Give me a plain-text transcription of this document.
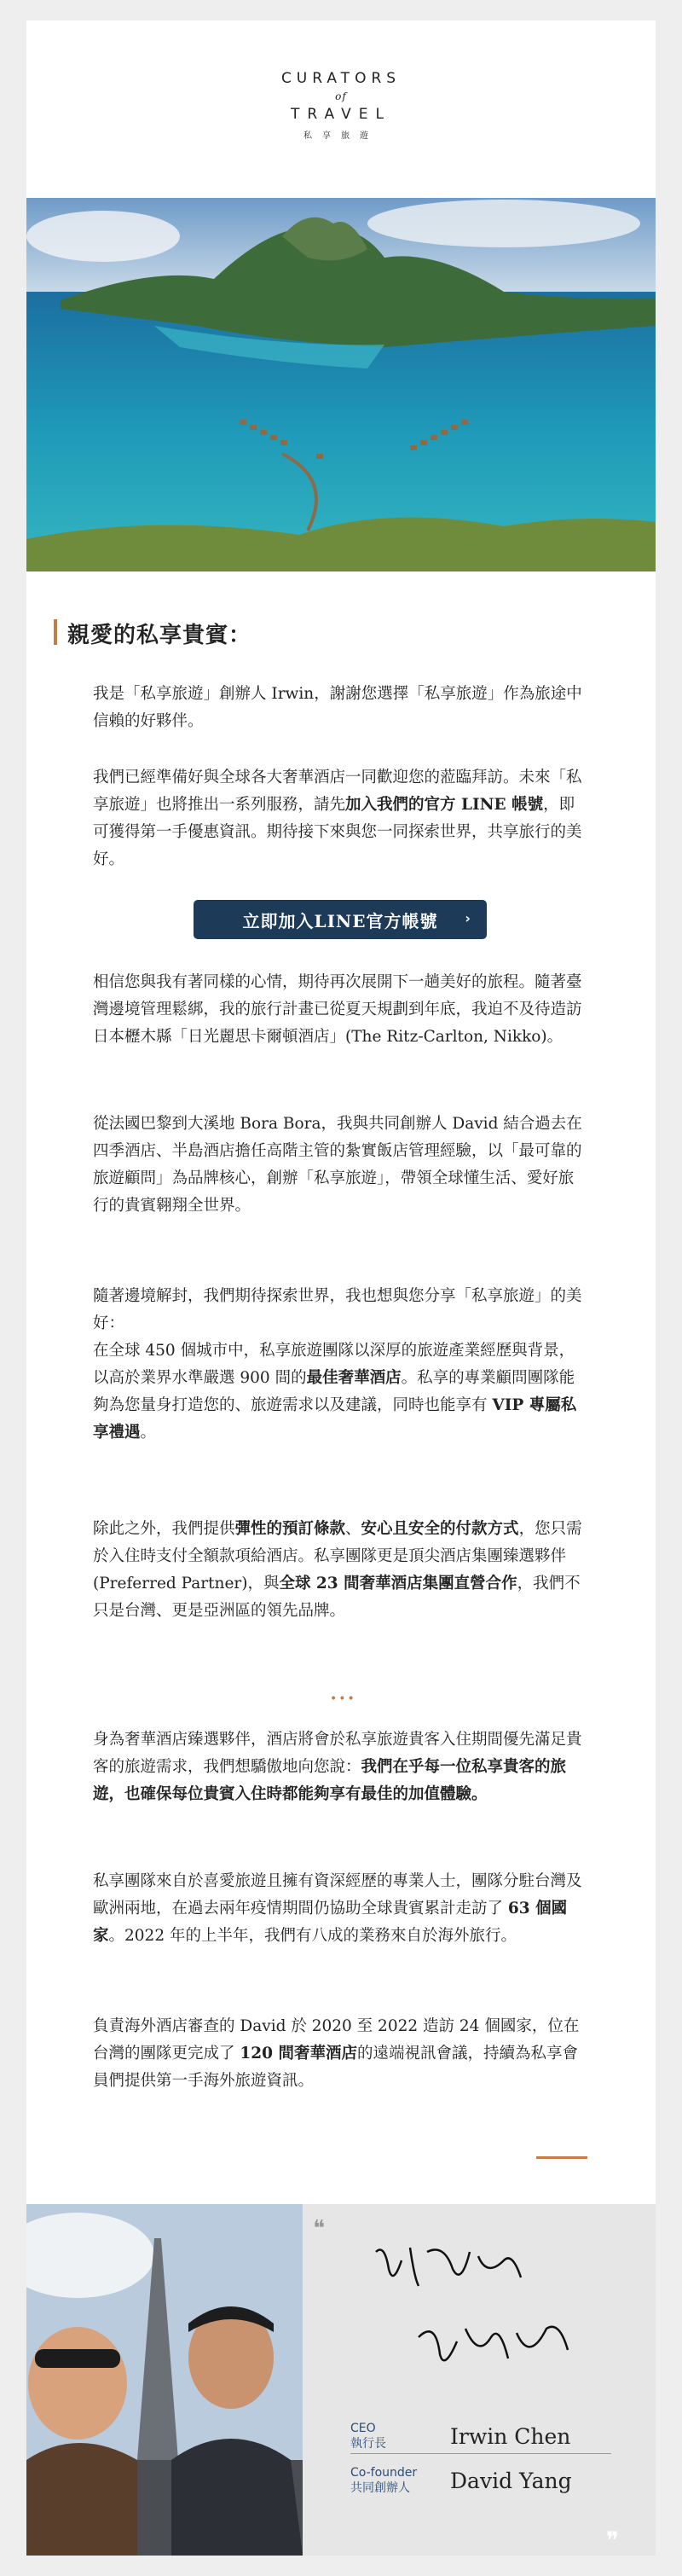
CURATORS
of
TRAVEL
私享旅遊
親愛的私享貴賓：
我是「私享旅遊」創辦人 Irwin，謝謝您選擇「私享旅遊」作為旅途中信賴的好夥伴。
我們已經準備好與全球各大奢華酒店一同歡迎您的蒞臨拜訪。未來「私享旅遊」也將推出一系列服務，請先加入我們的官方 LINE 帳號，即可獲得第一手優惠資訊。期待接下來與您一同探索世界，共享旅行的美好。
立即加入LINE官方帳號 ›
相信您與我有著同樣的心情，期待再次展開下一趟美好的旅程。隨著臺灣邊境管理鬆綁，我的旅行計畫已從夏天規劃到年底，我迫不及待造訪日本櫪木縣「日光麗思卡爾頓酒店」(The Ritz-Carlton, Nikko)。
從法國巴黎到大溪地 Bora Bora，我與共同創辦人 David 結合過去在四季酒店、半島酒店擔任高階主管的紮實飯店管理經驗，以「最可靠的旅遊顧問」為品牌核心，創辦「私享旅遊」，帶領全球懂生活、愛好旅行的貴賓翱翔全世界。
隨著邊境解封，我們期待探索世界，我也想與您分享「私享旅遊」的美好：
在全球 450 個城市中，私享旅遊團隊以深厚的旅遊產業經歷與背景，以高於業界水準嚴選 900 間的最佳奢華酒店。私享的專業顧問團隊能夠為您量身打造您的、旅遊需求以及建議，同時也能享有 VIP 專屬私享禮遇。
除此之外，我們提供彈性的預訂條款、安心且安全的付款方式，您只需於入住時支付全額款項給酒店。私享團隊更是頂尖酒店集團臻選夥伴 (Preferred Partner)，與全球 23 間奢華酒店集團直營合作，我們不只是台灣、更是亞洲區的領先品牌。
•••
身為奢華酒店臻選夥伴，酒店將會於私享旅遊貴客入住期間優先滿足貴客的旅遊需求，我們想驕傲地向您說：我們在乎每一位私享貴客的旅遊，也確保每位貴賓入住時都能夠享有最佳的加值體驗。
私享團隊來自於喜愛旅遊且擁有資深經歷的專業人士，團隊分駐台灣及歐洲兩地，在過去兩年疫情期間仍協助全球貴賓累計走訪了 63 個國家。2022 年的上半年，我們有八成的業務來自於海外旅行。
負責海外酒店審查的 David 於 2020 至 2022 造訪 24 個國家，位在台灣的團隊更完成了 120 間奢華酒店的遠端視訊會議，持續為私享會員們提供第一手海外旅遊資訊。
❝
CEO
執行長	Irwin Chen
Co-founder
共同創辦人	David Yang
❞
